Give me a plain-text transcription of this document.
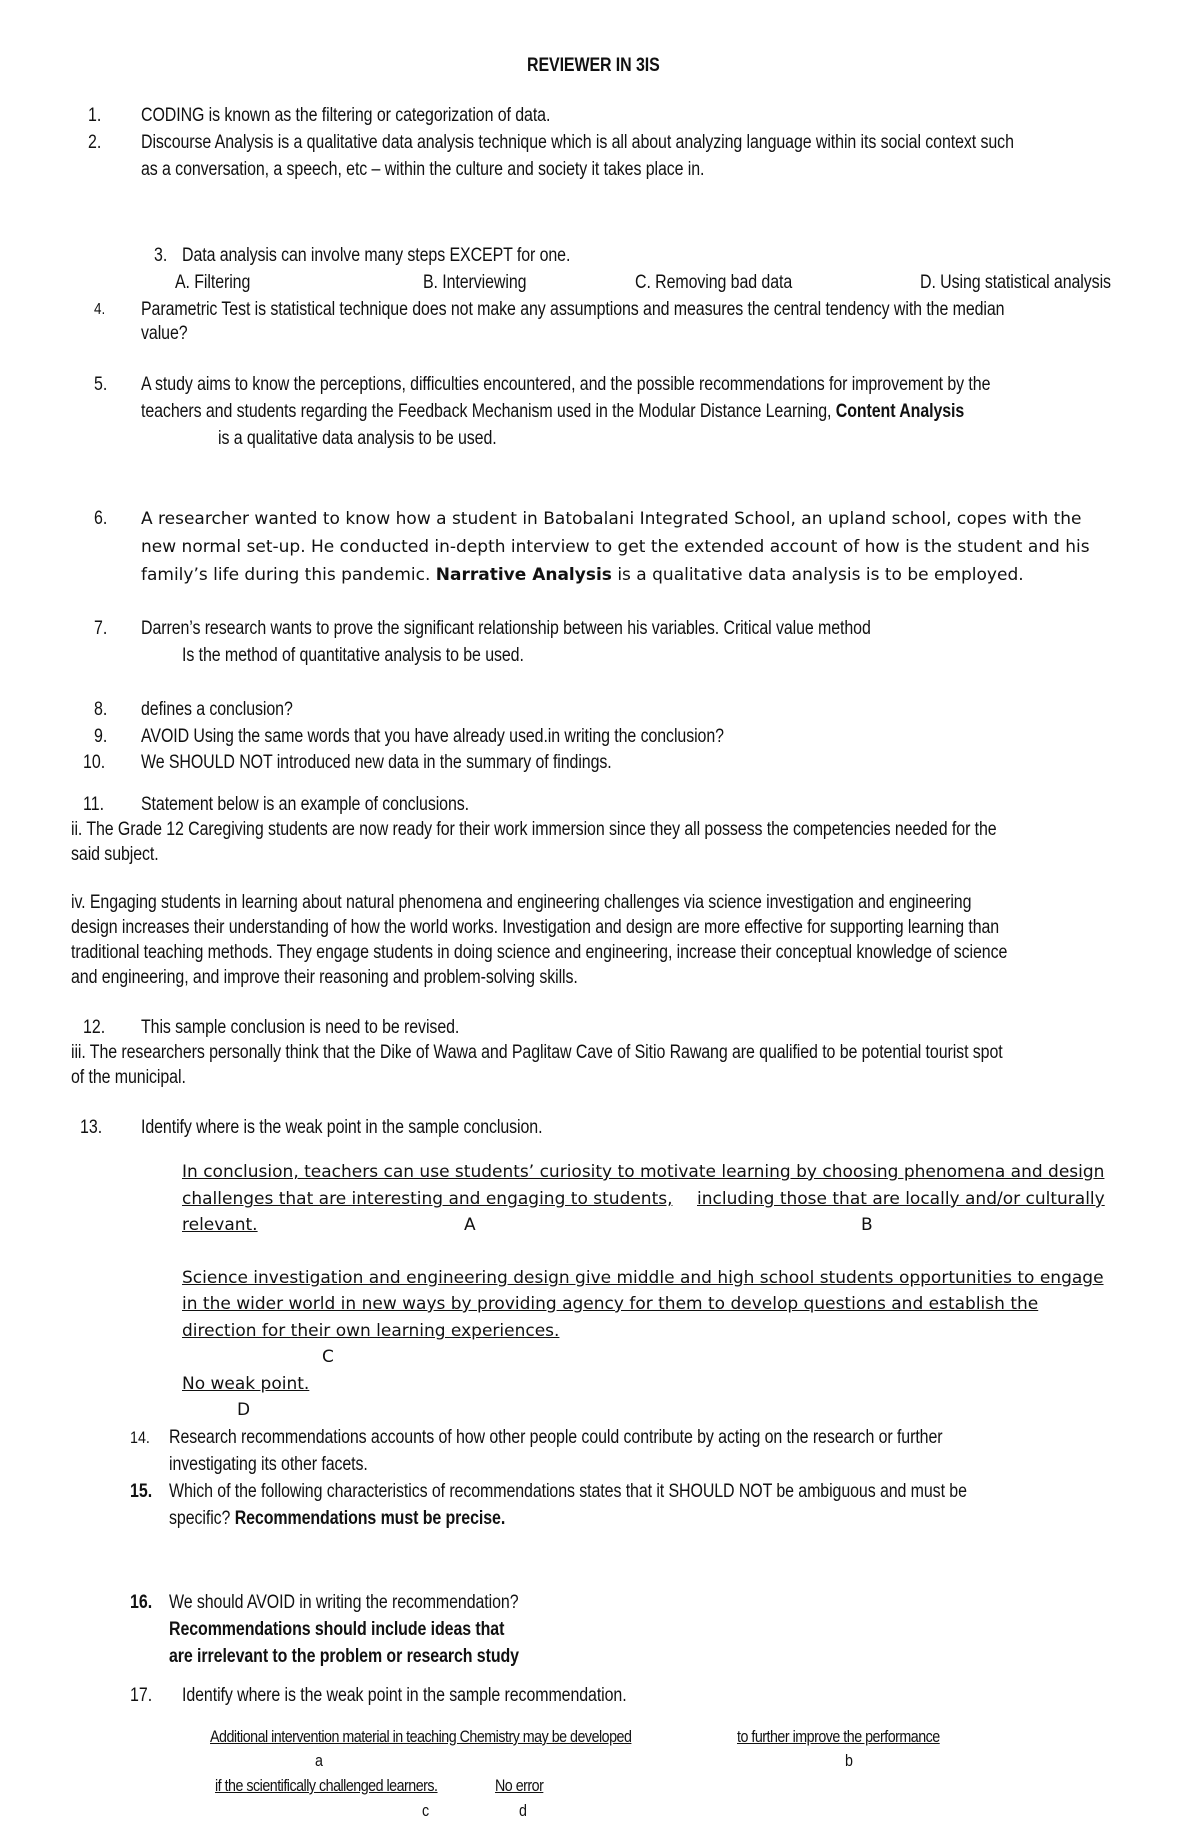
REVIEWER IN 3IS
1. CODING is known as the filtering or categorization of data.
2. Discourse Analysis is a qualitative data analysis technique which is all about analyzing language within its social context such
as a conversation, a speech, etc – within the culture and society it takes place in.
3. Data analysis can involve many steps EXCEPT for one.
A. Filtering	B. Interviewing	C. Removing bad data	D. Using statistical analysis
4. Parametric Test is statistical technique does not make any assumptions and measures the central tendency with the median
value?
5. A study aims to know the perceptions, difficulties encountered, and the possible recommendations for improvement by the
teachers and students regarding the Feedback Mechanism used in the Modular Distance Learning, Content Analysis
is a qualitative data analysis to be used.
6. A researcher wanted to know how a student in Batobalani Integrated School, an upland school, copes with the
new normal set-up. He conducted in-depth interview to get the extended account of how is the student and his
family’s life during this pandemic. Narrative Analysis is a qualitative data analysis is to be employed.
7. Darren’s research wants to prove the significant relationship between his variables. Critical value method
Is the method of quantitative analysis to be used.
8. defines a conclusion?
9. AVOID Using the same words that you have already used.in writing the conclusion?
10. We SHOULD NOT introduced new data in the summary of findings.
11. Statement below is an example of conclusions.
ii. The Grade 12 Caregiving students are now ready for their work immersion since they all possess the competencies needed for the
said subject.
iv. Engaging students in learning about natural phenomena and engineering challenges via science investigation and engineering
design increases their understanding of how the world works. Investigation and design are more effective for supporting learning than
traditional teaching methods. They engage students in doing science and engineering, increase their conceptual knowledge of science
and engineering, and improve their reasoning and problem-solving skills.
12. This sample conclusion is need to be revised.
iii. The researchers personally think that the Dike of Wawa and Paglitaw Cave of Sitio Rawang are qualified to be potential tourist spot
of the municipal.
13. Identify where is the weak point in the sample conclusion.
In conclusion, teachers can use students’ curiosity to motivate learning by choosing phenomena and design
challenges that are interesting and engaging to students, including those that are locally and/or culturally
relevant.	A	B
Science investigation and engineering design give middle and high school students opportunities to engage
in the wider world in new ways by providing agency for them to develop questions and establish the
direction for their own learning experiences.
C
No weak point.
D
14. Research recommendations accounts of how other people could contribute by acting on the research or further
investigating its other facets.
15. Which of the following characteristics of recommendations states that it SHOULD NOT be ambiguous and must be
specific? Recommendations must be precise.
16. We should AVOID in writing the recommendation?
Recommendations should include ideas that
are irrelevant to the problem or research study
17. Identify where is the weak point in the sample recommendation.
Additional intervention material in teaching Chemistry may be developed	to further improve the performance
a	b
if the scientifically challenged learners.	No error
c	d
